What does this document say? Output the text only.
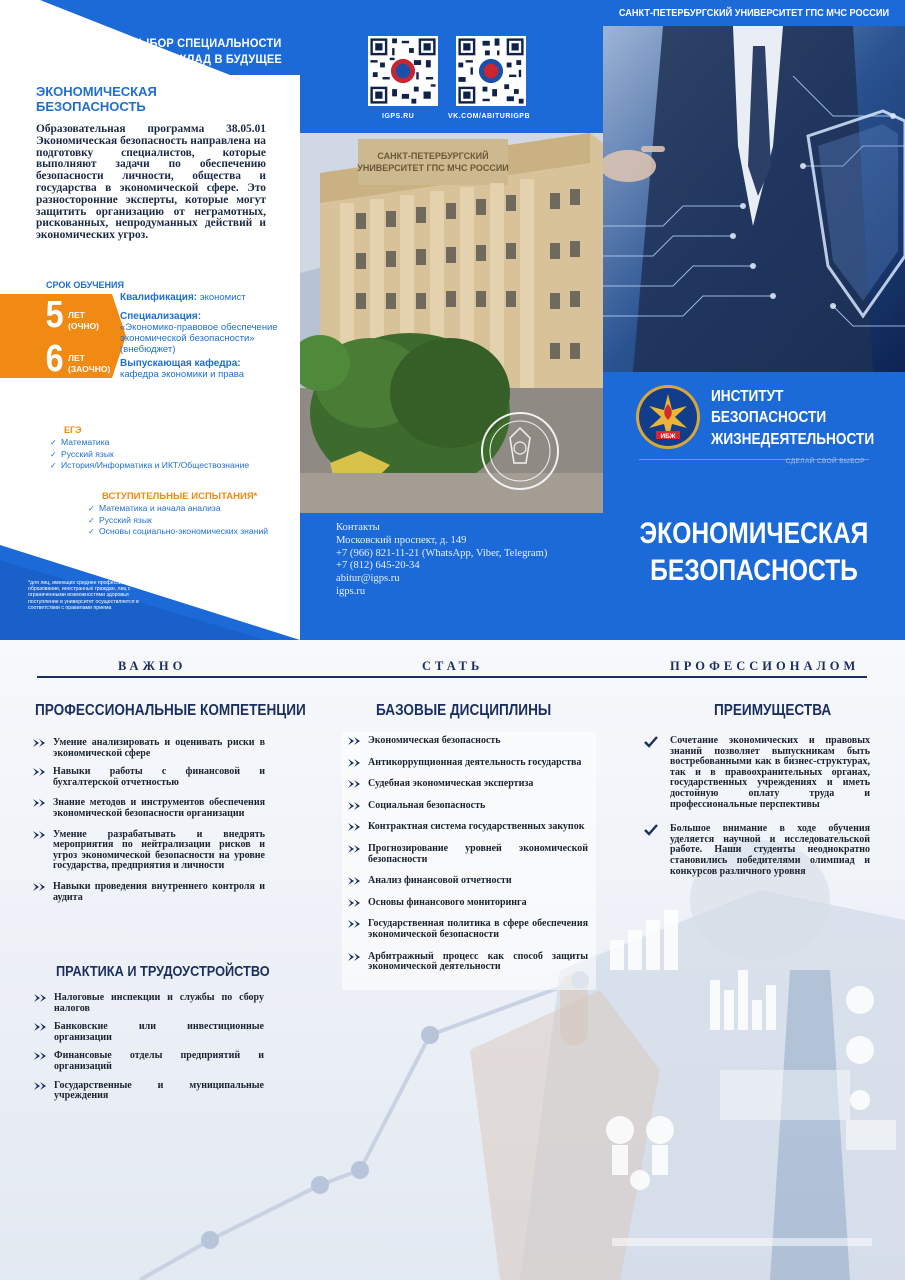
ПРАВИЛЬНЫЙ ВЫБОР СПЕЦИАЛЬНОСТИ
ТВОЙ ВКЛАД В БУДУЩЕЕ
ЭКОНОМИЧЕСКАЯ БЕЗОПАСНОСТЬ
Образовательная программа 38.05.01 Экономическая безопасность направлена на подготовку специалистов, которые выполняют задачи по обеспечению безопасности личности, общества и государства в экономической сфере. Это разносторонние эксперты, которые могут защитить организацию от неграмотных, рискованных, непродуманных действий и экономических угроз.
СРОК ОБУЧЕНИЯ
5 ЛЕТ
(ОЧНО)
6 ЛЕТ
(ЗАОЧНО)
Квалификация: экономист
Специализация:
«Экономико-правовое обеспечение экономической безопасности» (внебюджет)
Выпускающая кафедра:
кафедра экономики и права
ЕГЭ
✓ Математика
✓ Русский язык
✓ История/Информатика и ИКТ/Обществознание
ВСТУПИТЕЛЬНЫЕ ИСПЫТАНИЯ*
✓ Математика и начала анализа
✓ Русский язык
✓ Основы социально-экономических знаний
*для лиц, имеющих среднее профессиональное образование, иностранных граждан, лиц с ограниченными возможностями здоровья поступление в университет осуществляется в соответствии с правилами приема
IGPS.RU	VK.COM/ABITURIGPB
САНКТ-ПЕТЕРБУРГСКИЙ
УНИВЕРСИТЕТ ГПС МЧС РОССИИ
Контакты
Московский проспект, д. 149
+7 (966) 821-11-21 (WhatsApp, Viber, Telegram)
+7 (812) 645-20-34
abitur@igps.ru
igps.ru
САНКТ-ПЕТЕРБУРГСКИЙ УНИВЕРСИТЕТ ГПС МЧС РОССИИ
ИБЖ
ИНСТИТУТ
БЕЗОПАСНОСТИ
ЖИЗНЕДЕЯТЕЛЬНОСТИ
СДЕЛАЙ СВОЙ ВЫБОР
ЭКОНОМИЧЕСКАЯ
БЕЗОПАСНОСТЬ
ВАЖНО	СТАТЬ	ПРОФЕССИОНАЛОМ
ПРОФЕССИОНАЛЬНЫЕ КОМПЕТЕНЦИИ
Умение анализировать и оценивать риски в экономической сфере
Навыки работы с финансовой и бухгалтерской отчетностью
Знание методов и инструментов обеспечения экономической безопасности организации
Умение разрабатывать и внедрять мероприятия по нейтрализации рисков и угроз экономической безопасности на уровне государства, предприятия и личности
Навыки проведения внутреннего контроля и аудита
ПРАКТИКА И ТРУДОУСТРОЙСТВО
Налоговые инспекции и службы по сбору налогов
Банковские или инвестиционные организации
Финансовые отделы предприятий и организаций
Государственные и муниципальные учреждения
БАЗОВЫЕ ДИСЦИПЛИНЫ
Экономическая безопасность
Антикоррупционная деятельность государства
Судебная экономическая экспертиза
Социальная безопасность
Контрактная система государственных закупок
Прогнозирование уровней экономической безопасности
Анализ финансовой отчетности
Основы финансового мониторинга
Государственная политика в сфере обеспечения экономической безопасности
Арбитражный процесс как способ защиты экономической деятельности
ПРЕИМУЩЕСТВА
Сочетание экономических и правовых знаний позволяет выпускникам быть востребованными как в бизнес-структурах, так и в правоохранительных органах, государственных учреждениях и иметь достойную оплату труда и профессиональные перспективы
Большое внимание в ходе обучения уделяется научной и исследовательской работе. Наши студенты неоднократно становились победителями олимпиад и конкурсов различного уровня
